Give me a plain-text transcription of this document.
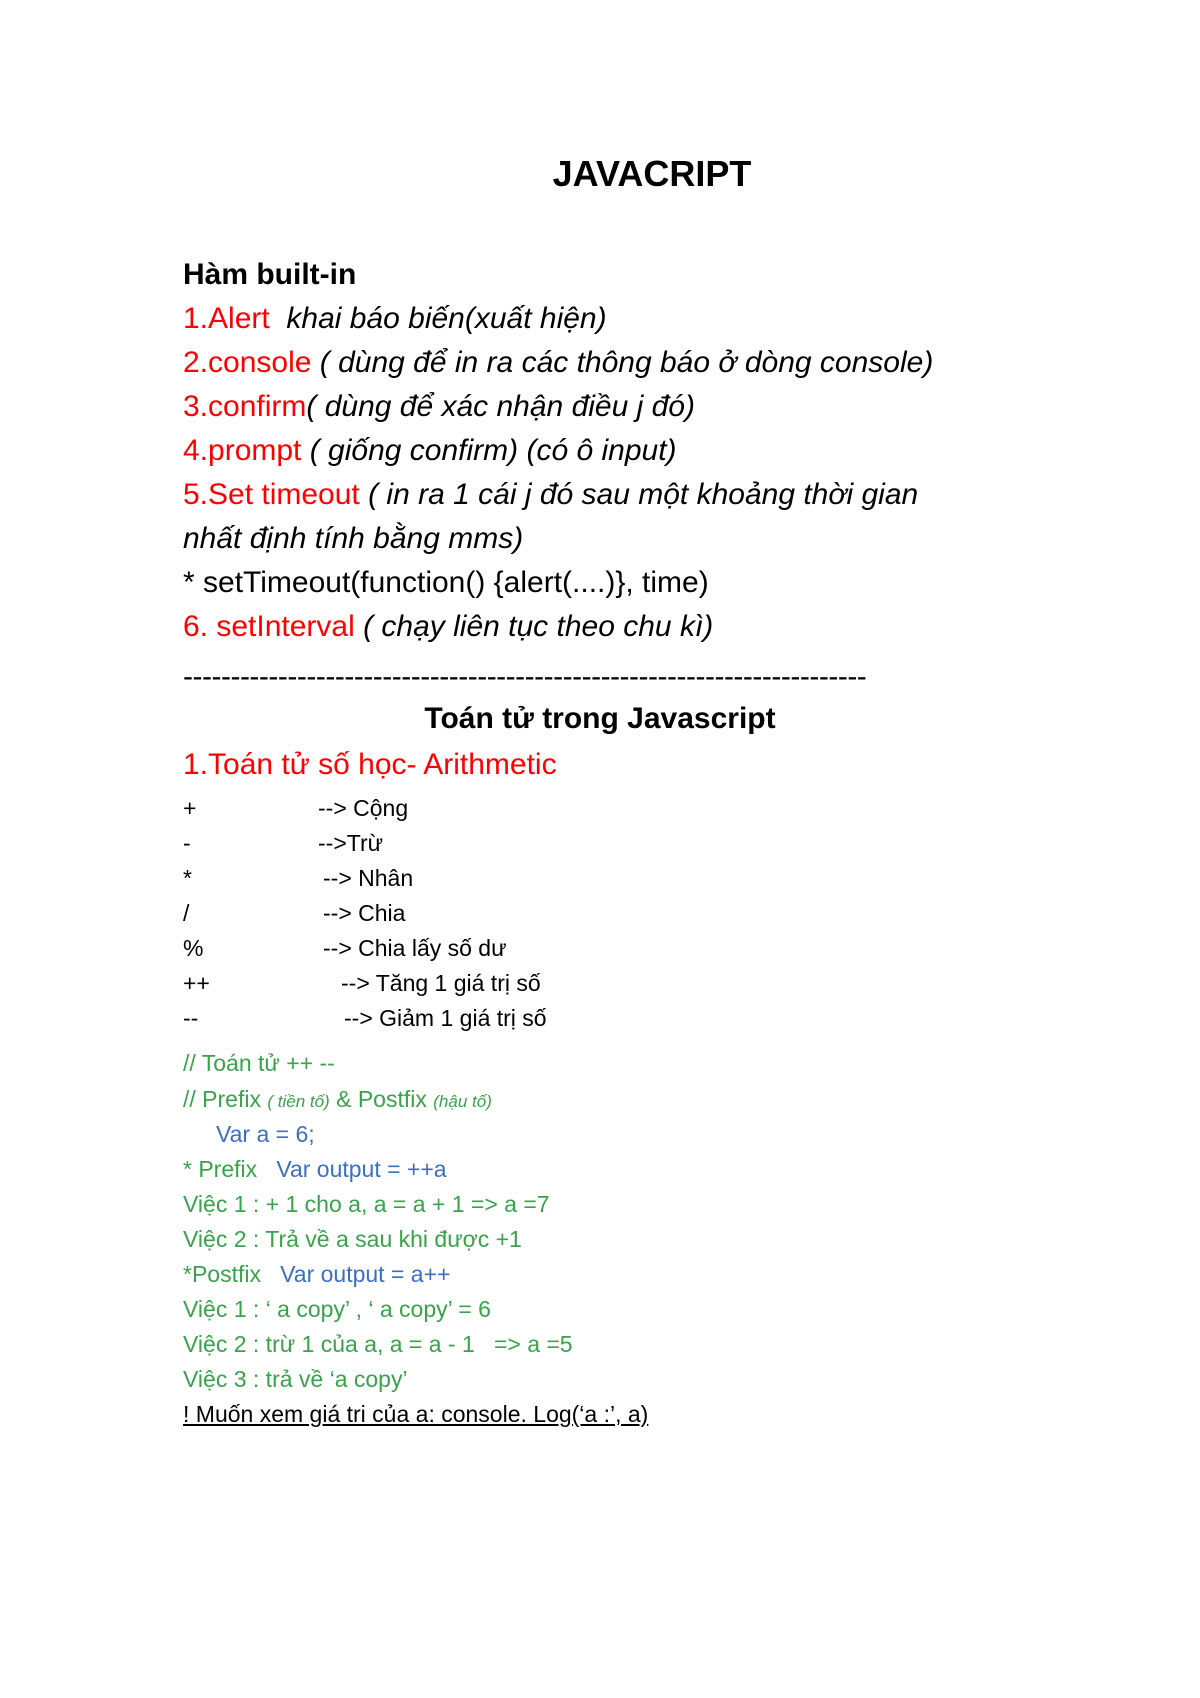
JAVACRIPT
Hàm built-in
1.Alert  khai báo biến(xuất hiện)
2.console ( dùng để in ra các thông báo ở dòng console)
3.confirm( dùng để xác nhận điều j đó)
4.prompt ( giống confirm) (có ô input)
5.Set timeout ( in ra 1 cái j đó sau một khoảng thời gian
nhất định tính bằng mms)
* setTimeout(function() {alert(....)}, time)
6. setInterval ( chạy liên tục theo chu kì)
------------------------------------------------------------------------
Toán tử trong Javascript
1.Toán tử số học- Arithmetic
+	--> Cộng
-	-->Trừ
*	--> Nhân
/	--> Chia
%	--> Chia lấy số dư
++	--> Tăng 1 giá trị số
--	--> Giảm 1 giá trị số
// Toán tử ++ --
// Prefix ( tiền tố) & Postfix (hậu tố)
Var a = 6;
* Prefix   Var output = ++a
Việc 1 : + 1 cho a, a = a + 1 => a =7
Việc 2 : Trả về a sau khi được +1
*Postfix   Var output = a++
Việc 1 : ‘ a copy’ , ‘ a copy’ = 6
Việc 2 : trừ 1 của a, a = a - 1   => a =5
Việc 3 : trả về ‘a copy’
! Muốn xem giá tri của a: console. Log(‘a :’, a)
